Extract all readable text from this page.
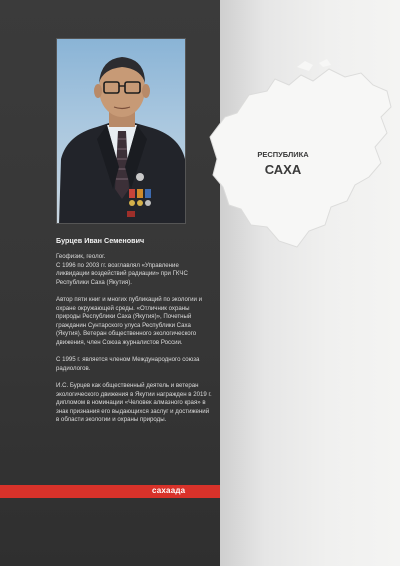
Бурцев Иван Семенович

Геофизик, геолог.
С 1996 по 2003 гг. возглавлял «Управление ликвидации воздействий радиации» при ГКЧС Республики Саха (Якутия).

Автор пяти книг и многих публикаций по экологии и охране окружающей среды. «Отличник охраны природы Республики Саха (Якутия)», Почетный гражданин Сунтарского улуса Республики Саха (Якутия). Ветеран общественного экологического движения, член Союза журналистов России.

С 1995 г. является членом Международного союза радиологов.

И.С. Бурцев как общественный деятель и ветеран экологического движения в Якутии награжден в 2019 г. дипломом в номинации «Человек алмазного края» в знак признания его выдающихся заслуг и достижений в области экологии и охраны природы.

РЕСПУБЛИКА
САХА
сахаада
